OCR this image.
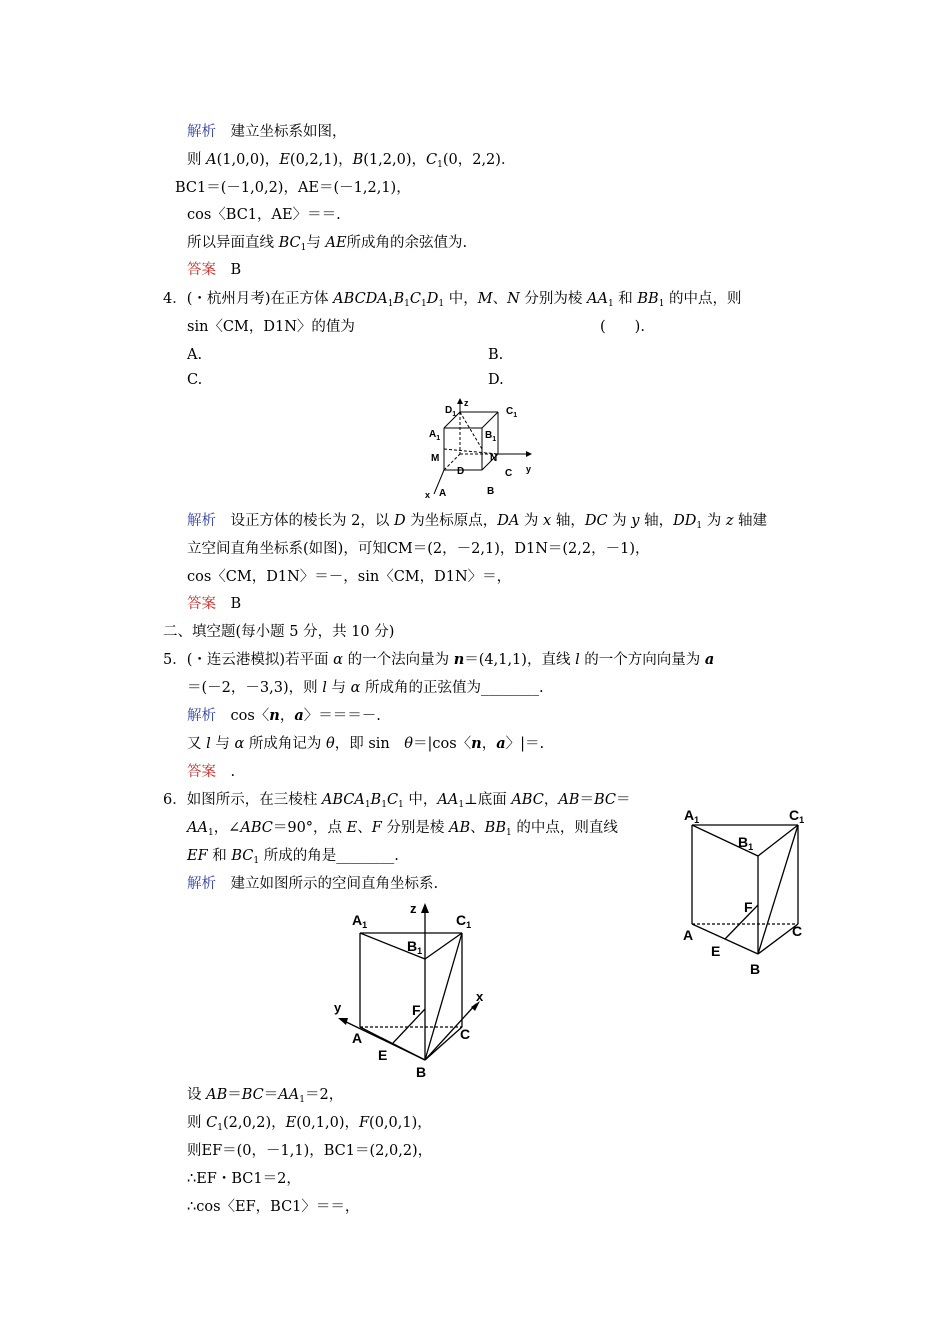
解析　 建立坐标系如图，
则 A(1,0,0)，E(0,2,1)，B(1,2,0)，$C_1(0$，2,2)．
BC1＝(－1,0,2)，AE＝(－1,2,1)，
cos〈BC1，AE〉＝＝.
所以异面直线 $BC_1$与 AE所成角的余弦值为.
答案　 B
4．(・杭州月考)在正方体 $ABCDA_1B_1C_1D_1$ 中，M、N 分别为棱 $AA_1$ 和 $BB_1$ 的中点，则
sin〈CM，D1N〉的值为	(　　).
A.	B.
C.	D.
z
$D_1$	$C_1$
$A_1$	$B_1$
M	N
D	C y
B
A
x
解析　 设正方体的棱长为 2，以 D 为坐标原点，DA 为 x 轴，DC 为 y 轴，$DD_1$ 为 z 轴建
立空间直角坐标系(如图)，可知CM＝(2，－2,1)，D1N＝(2,2，－1)，
cos〈CM，D1N〉＝－，sin〈CM，D1N〉＝，
答案　 B
二、填空题(每小题 5 分，共 10 分)
5．(・连云港模拟)若平面 α 的一个法向量为 n＝(4,1,1)，直线 l 的一个方向向量为 a
＝(－2，－3,3)，则 l 与 α 所成角的正弦值为________.
解析　 cos〈n，a〉＝＝＝－.
又 l 与 α 所成角记为 θ，即 sin　θ＝|cos〈n，a〉|＝.
答案　 .
6．如图所示，在三棱柱 $ABCA_1B_1C_1$ 中，$AA_1\perp$底面 ABC，AB＝BC＝
$AA_1$，∠ABC＝90°，点 E、F 分别是棱 AB、$BB_1$ 的中点，则直线
EF 和 $BC_1$ 所成的角是________.
解析　 建立如图所示的空间直角坐标系.
$A_1$	$C_1$
$B_1$
F
A	C
E
B
z
y
x
$A_1$	$C_1$
$B_1$
F
A	C
E
B
设 $AB=BC=AA_1=2$，
则 $C_1(2,0,2)$，E(0,1,0)，F(0,0,1)，
则EF＝(0，－1,1)，BC1＝(2,0,2)，
∴EF・BC1＝2，
∴cos〈EF，BC1〉＝＝，
